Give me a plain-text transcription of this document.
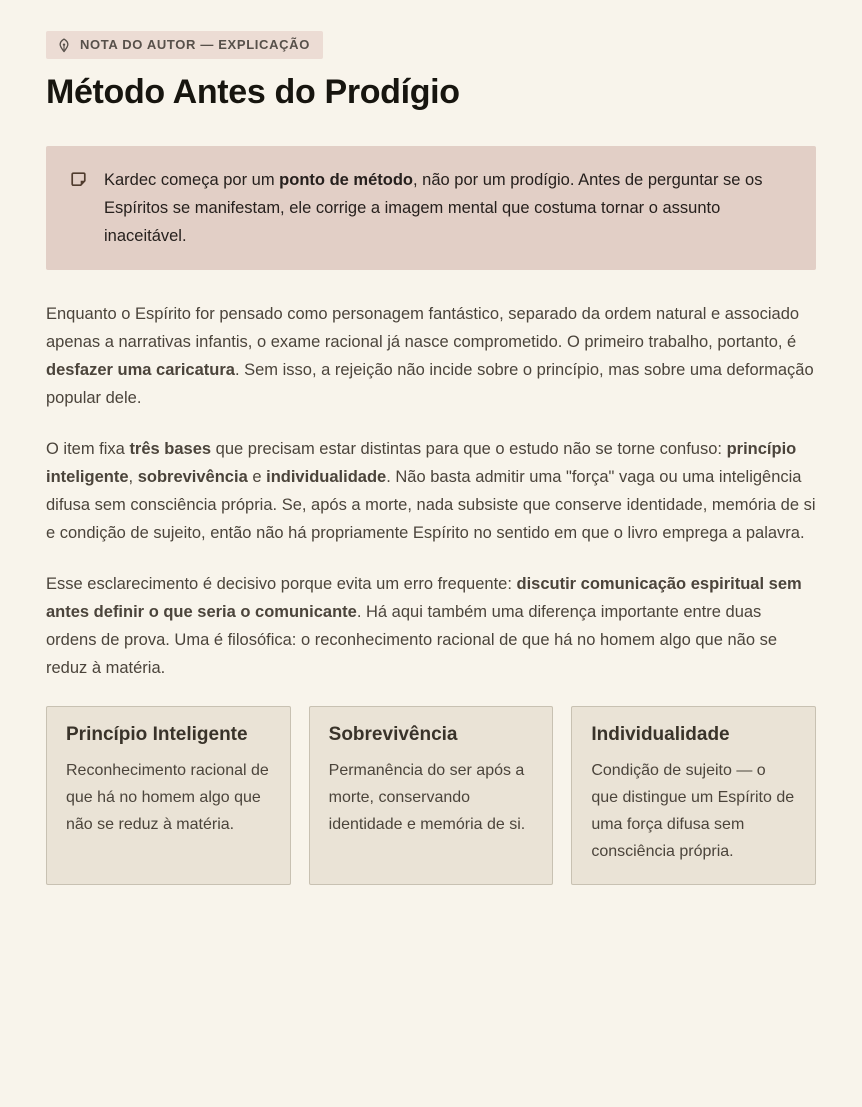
NOTA DO AUTOR — EXPLICAÇÃO
Método Antes do Prodígio

Kardec começa por um ponto de método, não por um prodígio. Antes de perguntar se os Espíritos se manifestam, ele corrige a imagem mental que costuma tornar o assunto inaceitável.

Enquanto o Espírito for pensado como personagem fantástico, separado da ordem natural e associado apenas a narrativas infantis, o exame racional já nasce comprometido. O primeiro trabalho, portanto, é desfazer uma caricatura. Sem isso, a rejeição não incide sobre o princípio, mas sobre uma deformação popular dele.

O item fixa três bases que precisam estar distintas para que o estudo não se torne confuso: princípio inteligente, sobrevivência e individualidade. Não basta admitir uma "força" vaga ou uma inteligência difusa sem consciência própria. Se, após a morte, nada subsiste que conserve identidade, memória de si e condição de sujeito, então não há propriamente Espírito no sentido em que o livro emprega a palavra.

Esse esclarecimento é decisivo porque evita um erro frequente: discutir comunicação espiritual sem antes definir o que seria o comunicante. Há aqui também uma diferença importante entre duas ordens de prova. Uma é filosófica: o reconhecimento racional de que há no homem algo que não se reduz à matéria.

Princípio Inteligente

Reconhecimento racional de que há no homem algo que não se reduz à matéria.

Sobrevivência

Permanência do ser após a morte, conservando identidade e memória de si.

Individualidade

Condição de sujeito — o que distingue um Espírito de uma força difusa sem consciência própria.
